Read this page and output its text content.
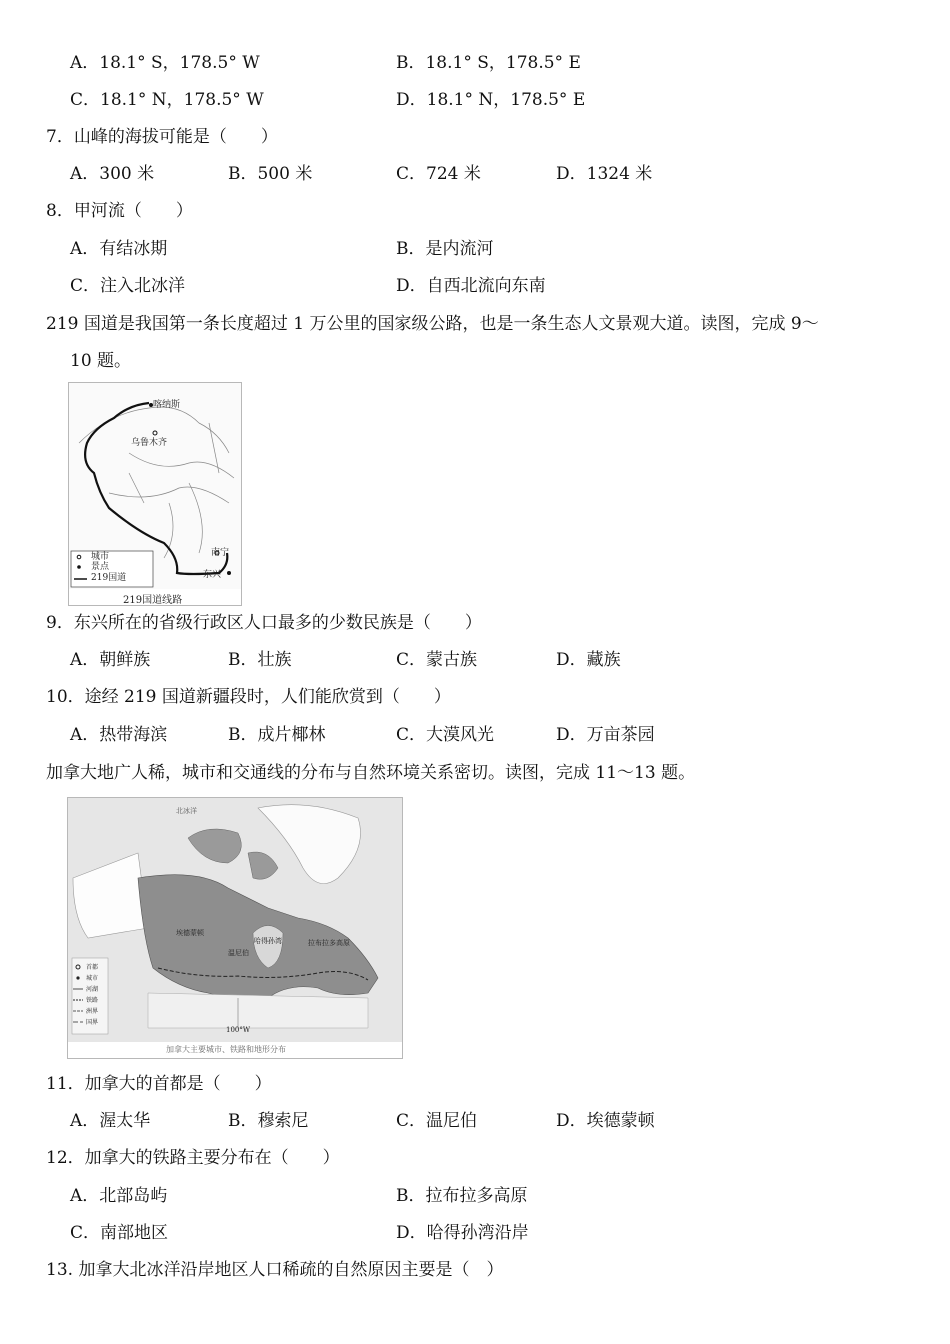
A．18.1° S，178.5° W	B．18.1° S，178.5° E
C．18.1° N，178.5° W	D．18.1° N，178.5° E
7．山峰的海拔可能是（　　）
A．300 米	B．500 米	C．724 米	D．1324 米
8．甲河流（　　）
A．有结冰期	B．是内流河
C．注入北冰洋	D．自西北流向东南
219 国道是我国第一条长度超过 1 万公里的国家级公路，也是一条生态人文景观大道。读图，完成 9～
10 题。
喀纳斯
乌鲁木齐
南宁
东兴
城市
景点
219国道
219国道线路
9．东兴所在的省级行政区人口最多的少数民族是（　　）
A．朝鲜族	B．壮族	C．蒙古族	D．藏族
10．途经 219 国道新疆段时，人们能欣赏到（　　）
A．热带海滨	B．成片椰林	C．大漠风光	D．万亩茶园
加拿大地广人稀，城市和交通线的分布与自然环境关系密切。读图，完成 11～13 题。
北冰洋
哈得孙湾	拉布拉多高原
埃德蒙顿
温尼伯
100°W
首都
城市
河湖
铁路
洲界
国界
加拿大主要城市、铁路和地形分布
11．加拿大的首都是（　　）
A．渥太华	B．穆索尼	C．温尼伯	D．埃德蒙顿
12．加拿大的铁路主要分布在（　　）
A．北部岛屿	B．拉布拉多高原
C．南部地区	D．哈得孙湾沿岸
13. 加拿大北冰洋沿岸地区人口稀疏的自然原因主要是（　）
